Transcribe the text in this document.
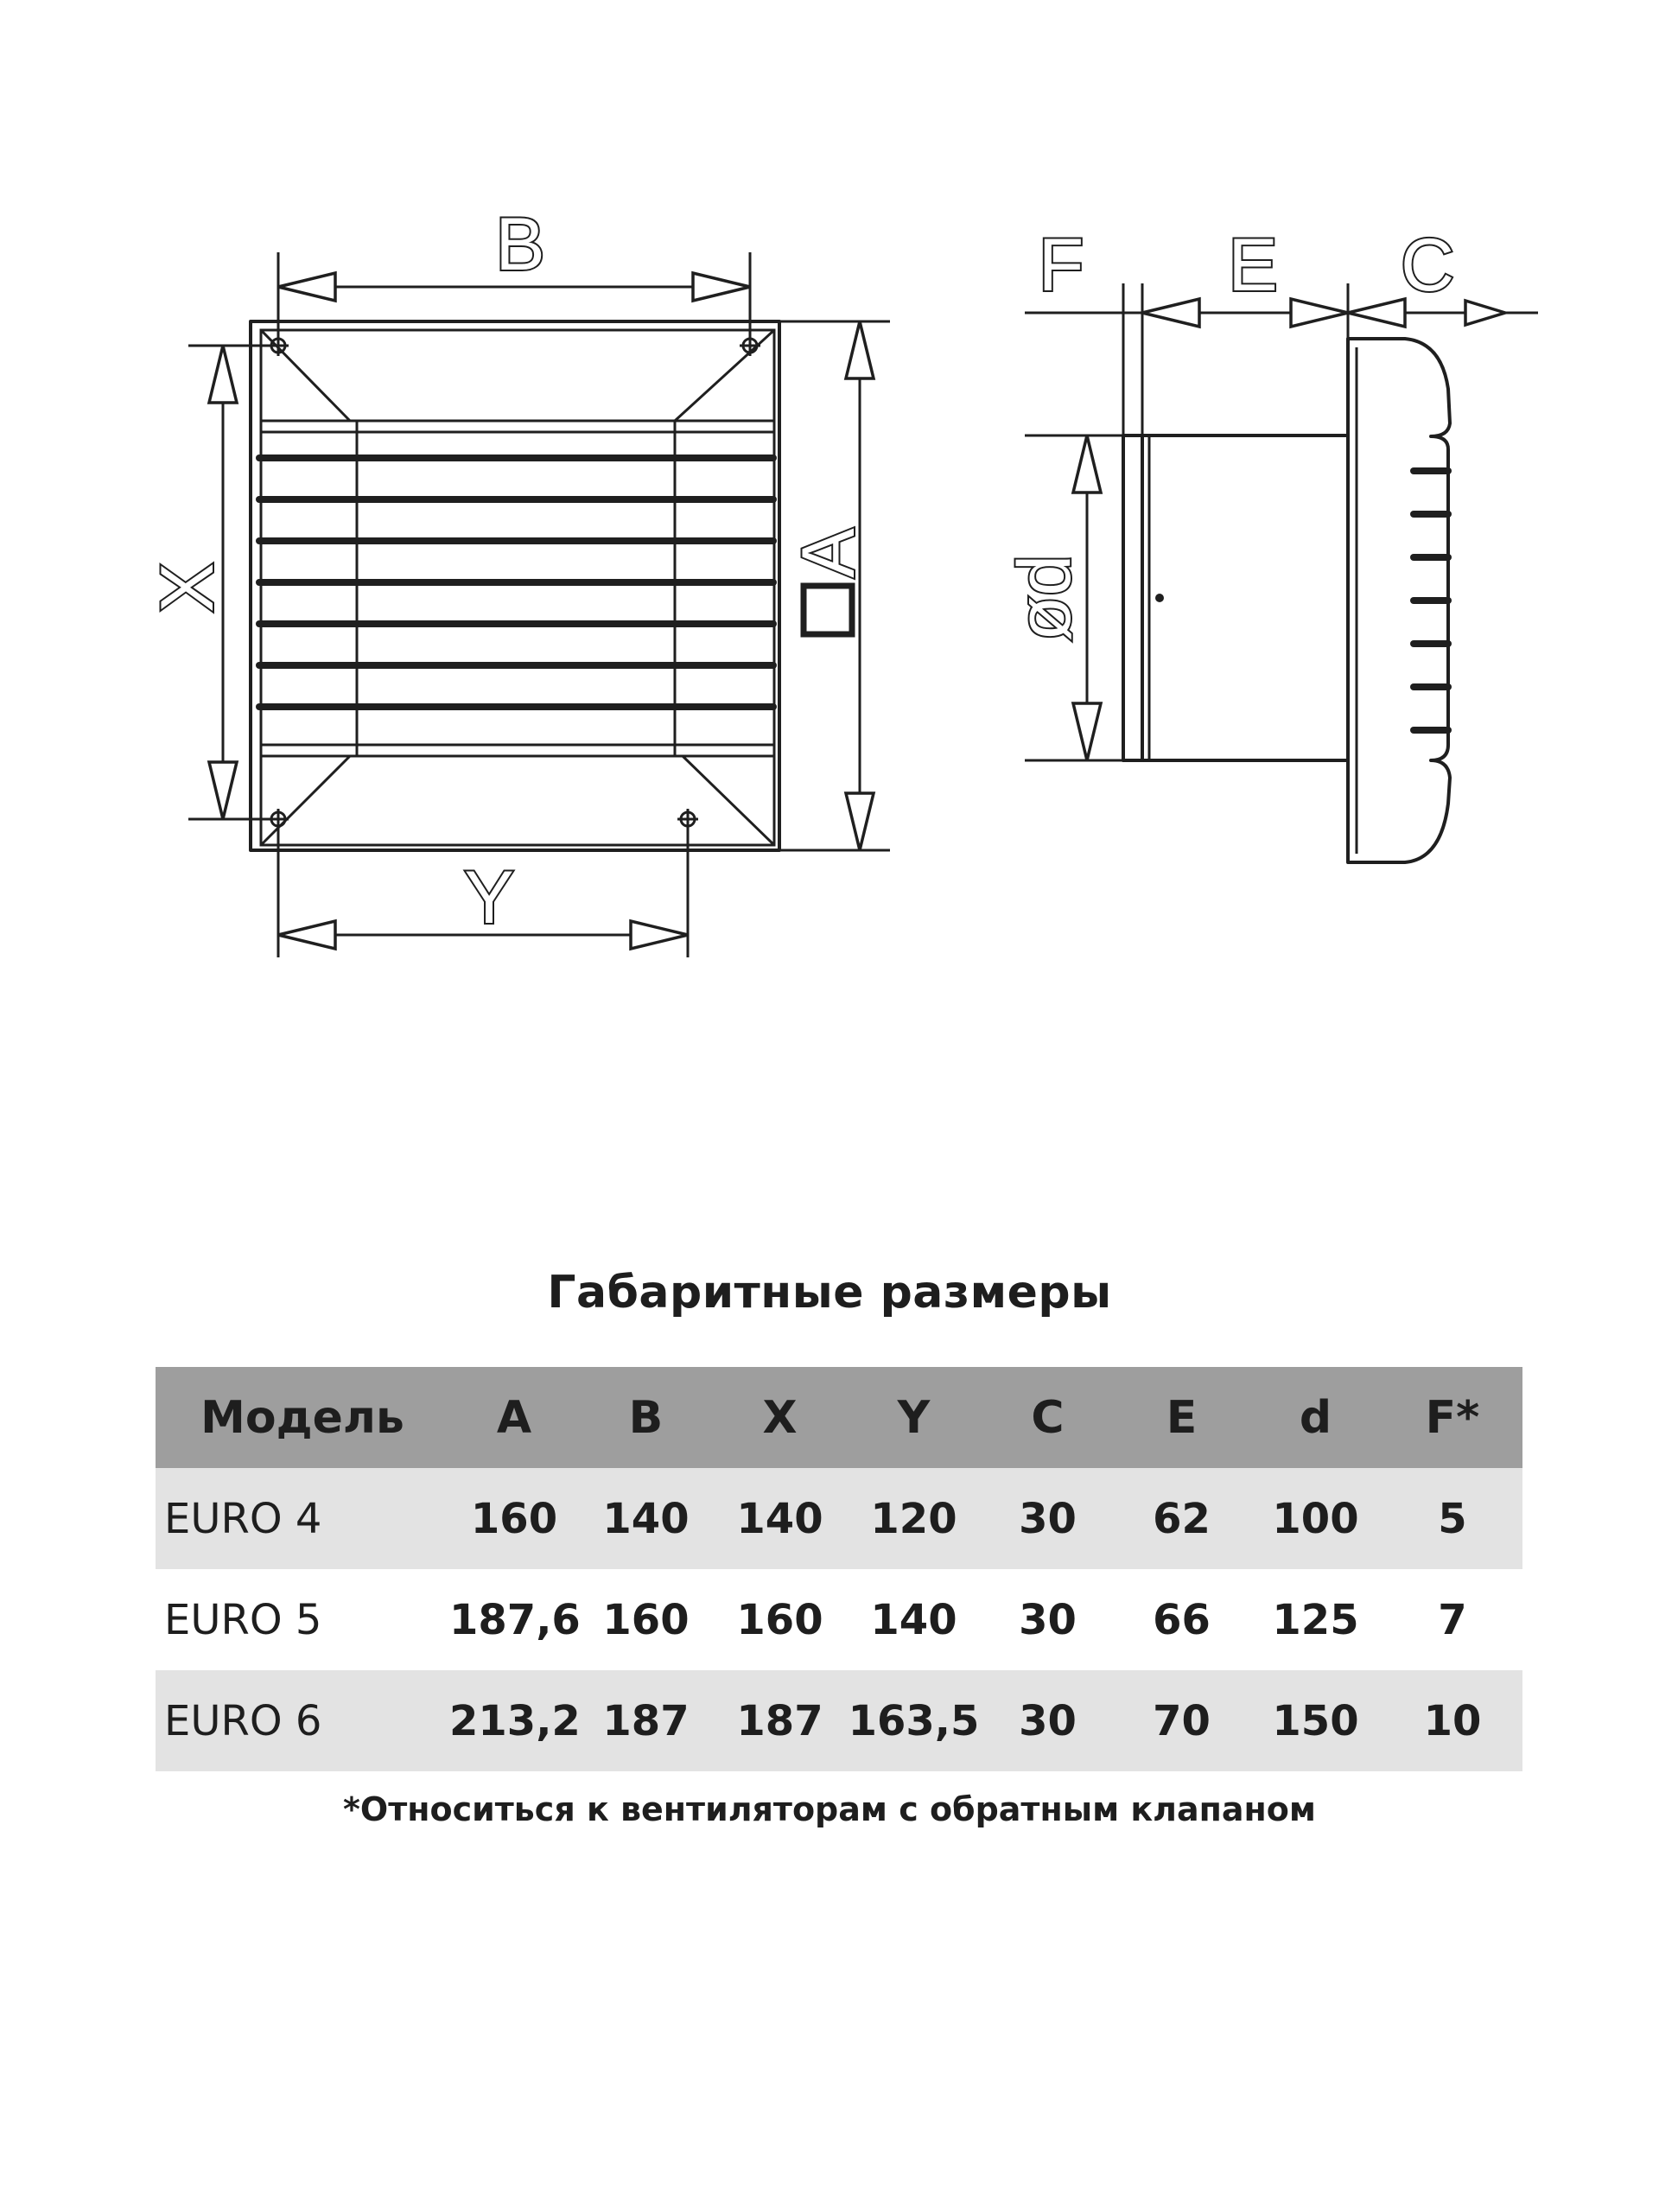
B
Y
X
A
F E C
ød
Габаритные размеры
Модель	A	B	X	Y	C	E	d	F*
EURO 4	160	140	140	120	30	62	100	5
EURO 5	187,6	160	160	140	30	66	125	7
EURO 6	213,2	187	187	163,5	30	70	150	10
*Относиться к вентиляторам с обратным клапаном
